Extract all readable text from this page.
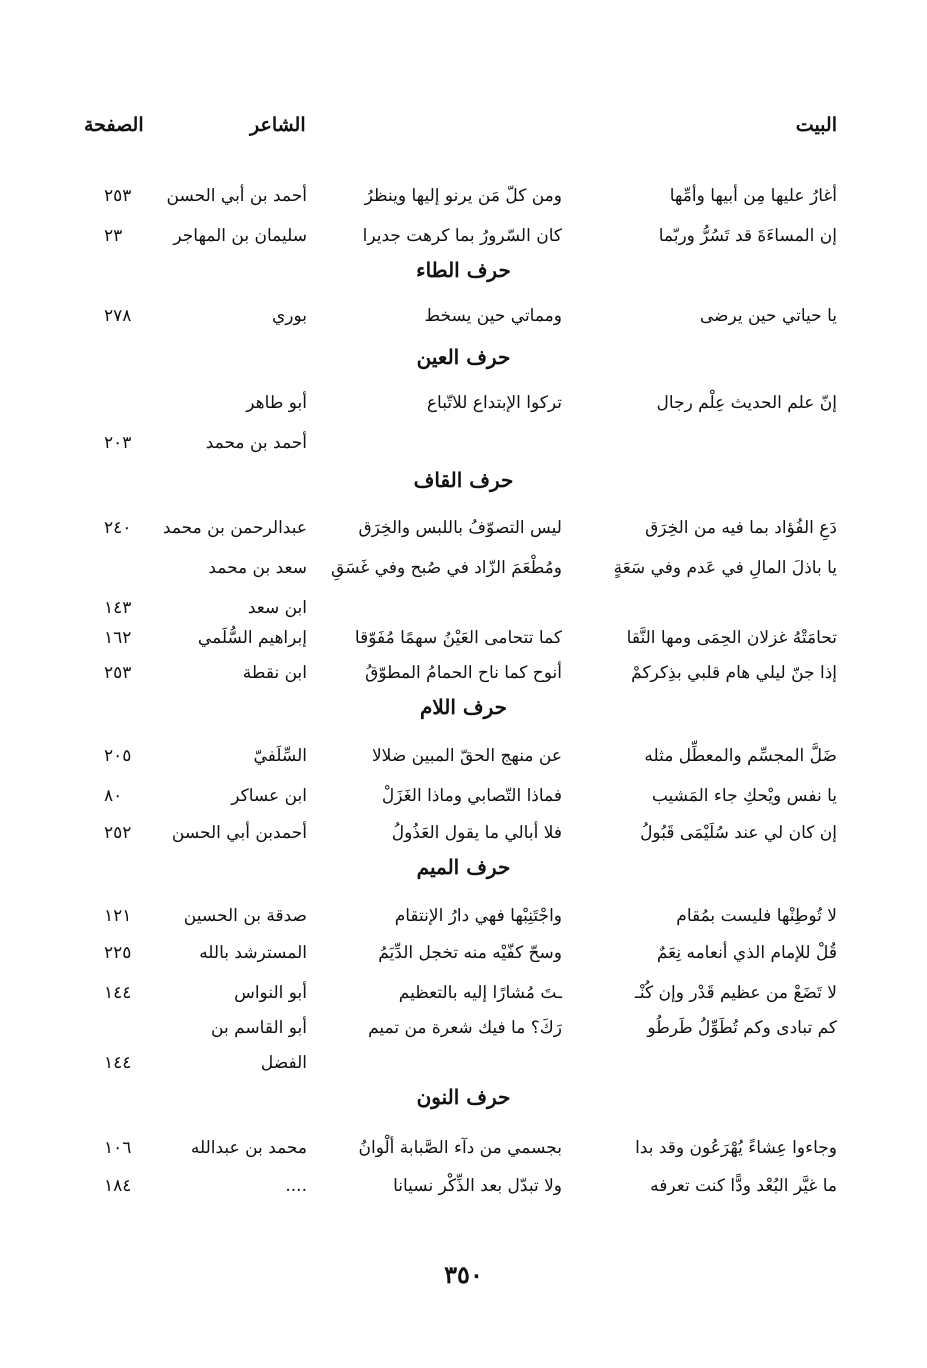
البيت
الشاعر
الصفحة
أغارُ عليها مِن أبيها وأمِّها
ومن كلّ مَن يرنو إليها وينظرُ
أحمد بن أبي الحسن
٢٥٣
إن المساءَةَ قد تَسُرُّ وربّما
كان السّرورُ بما كرهت جديرا
سليمان بن المهاجر
٢٣
حرف الطاء
يا حياتي حين يرضى
ومماتي حين يسخط
بوري
٢٧٨
حرف العين
إنّ علم الحديث عِلْم رجال
تركوا الإبتداع للاتّباع
أبو طاهر
أحمد بن محمد
٢٠٣
حرف القاف
دَعِ الفُؤاد بما فيه من الخِرَق
ليس التصوّفُ باللبس والخِرَق
عبدالرحمن بن محمد
٢٤٠
يا باذلَ المالِ في عَدم وفي سَعَةٍ
ومُطْعَمَ الزّاد في صُبح وفي غَسَقِ
سعد بن محمد
ابن سعد
١٤٣
تحامَتْهُ غزلان الحِمَى ومها النَّقا
كما تتحامى العَيْنُ سهمًا مُفَوّقا
إبراهيم السُّلَمي
١٦٢
إذا جنّ ليلي هام قلبي بذِكركمْ
أنوح كما ناح الحمامُ المطوّقُ
ابن نقطة
٢٥٣
حرف اللام
ضَلَّ المجسِّم والمعطِّل مثله
عن منهج الحقّ المبين ضلالا
السِّلَفيّ
٢٠٥
يا نفس ويْحكِ جاء المَشيب
فماذا التّصابي وماذا الغَزَلْ
ابن عساكر
٨٠
إن كان لي عند سُلَيْمَى قَبُولُ
فلا أبالي ما يقول العَذُولُ
أحمدبن أبي الحسن
٢٥٢
حرف الميم
لا تُوطِنْها فليست بمُقام
واجْتَنِبْها فهي دارُ الإنتقام
صدقة بن الحسين
١٢١
قُلْ للإمام الذي أنعامه نِعَمٌ
وسحّ كفّيْه منه تخجل الدِّيَمُ
المسترشد بالله
٢٢٥
لا تَضَعْ من عظيم قَدْر وإن كُنْـ
ـتَ مُشارًا إليه بالتعظيم
أبو النواس
١٤٤
كم تبادى وكم تُطَوِّلُ طَرطُو
رَكَ؟ ما فيك شعرة من تميم
أبو القاسم بن
الفضل
١٤٤
حرف النون
وجاءوا عِشاءً يُهْرَعُون وقد بدا
بجسمي من دآء الصَّبابة ألْوانُ
محمد بن عبدالله
١٠٦
ما غيَّر البُعْد ودًّا كنت تعرفه
ولا تبدّل بعد الذِّكْر نسيانا
....
١٨٤
٣٥٠
